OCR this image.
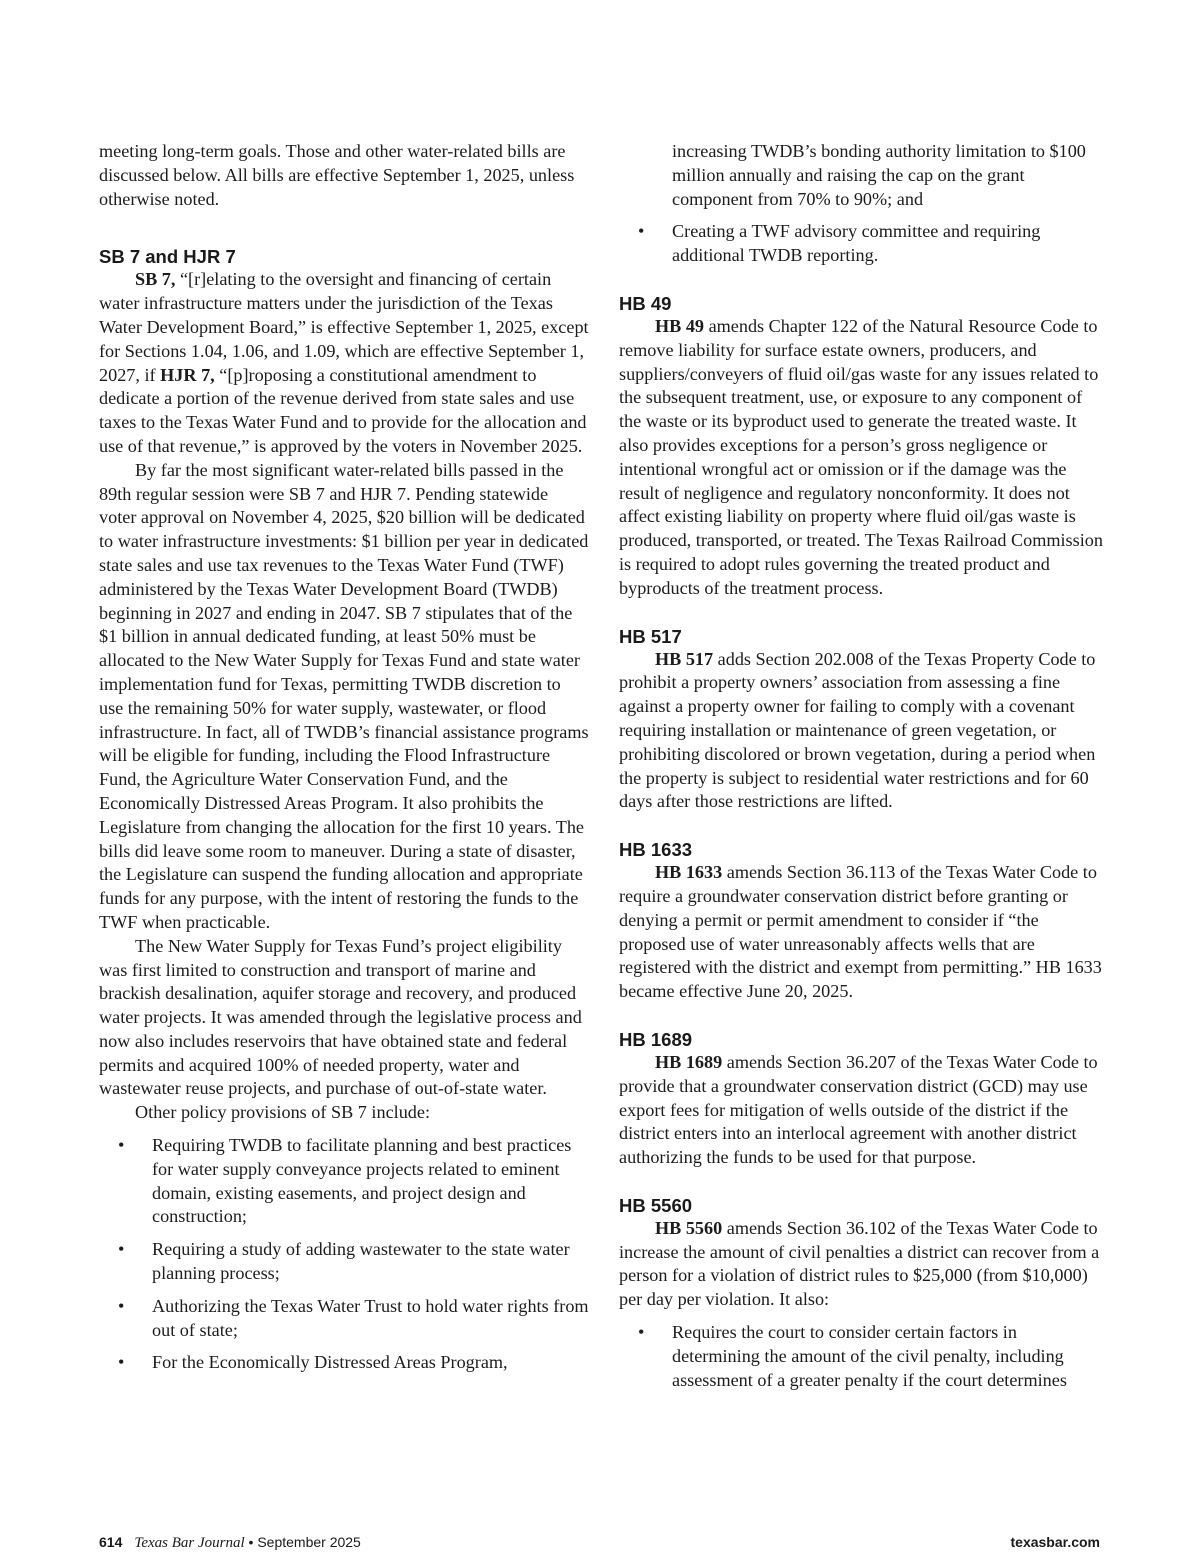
meeting long-term goals. Those and other water-related bills are discussed below. All bills are effective September 1, 2025, unless otherwise noted.

SB 7 and HJR 7

SB 7, “[r]elating to the oversight and financing of certain water infrastructure matters under the jurisdiction of the Texas Water Development Board,” is effective September 1, 2025, except for Sections 1.04, 1.06, and 1.09, which are effective September 1, 2027, if HJR 7, “[p]roposing a constitutional amendment to dedicate a portion of the revenue derived from state sales and use taxes to the Texas Water Fund and to provide for the allocation and use of that revenue,” is approved by the voters in November 2025.

By far the most significant water-related bills passed in the 89th regular session were SB 7 and HJR 7. Pending statewide voter approval on November 4, 2025, $20 billion will be dedicated to water infrastructure investments: $1 billion per year in dedicated state sales and use tax revenues to the Texas Water Fund (TWF) administered by the Texas Water Development Board (TWDB) beginning in 2027 and ending in 2047. SB 7 stipulates that of the $1 billion in annual dedicated funding, at least 50% must be allocated to the New Water Supply for Texas Fund and state water implementation fund for Texas, permitting TWDB discretion to use the remaining 50% for water supply, wastewater, or flood infrastructure. In fact, all of TWDB’s financial assistance programs will be eligible for funding, including the Flood Infrastructure Fund, the Agriculture Water Conservation Fund, and the Economically Distressed Areas Program. It also prohibits the Legislature from changing the allocation for the first 10 years. The bills did leave some room to maneuver. During a state of disaster, the Legislature can suspend the funding allocation and appropriate funds for any purpose, with the intent of restoring the funds to the TWF when practicable.

The New Water Supply for Texas Fund’s project eligibility was first limited to construction and transport of marine and brackish desalination, aquifer storage and recovery, and produced water projects. It was amended through the legislative process and now also includes reservoirs that have obtained state and federal permits and acquired 100% of needed property, water and wastewater reuse projects, and purchase of out-of-state water.

Other policy provisions of SB 7 include:

• Requiring TWDB to facilitate planning and best practices for water supply conveyance projects related to eminent domain, existing easements, and project design and construction;
• Requiring a study of adding wastewater to the state water planning process;
• Authorizing the Texas Water Trust to hold water rights from out of state;
• For the Economically Distressed Areas Program,

increasing TWDB’s bonding authority limitation to $100 million annually and raising the cap on the grant component from 70% to 90%; and

• Creating a TWF advisory committee and requiring additional TWDB reporting.
HB 49

HB 49 amends Chapter 122 of the Natural Resource Code to remove liability for surface estate owners, producers, and suppliers/conveyers of fluid oil/gas waste for any issues related to the subsequent treatment, use, or exposure to any component of the waste or its byproduct used to generate the treated waste. It also provides exceptions for a person’s gross negligence or intentional wrongful act or omission or if the damage was the result of negligence and regulatory nonconformity. It does not affect existing liability on property where fluid oil/gas waste is produced, transported, or treated. The Texas Railroad Commission is required to adopt rules governing the treated product and byproducts of the treatment process.

HB 517

HB 517 adds Section 202.008 of the Texas Property Code to prohibit a property owners’ association from assessing a fine against a property owner for failing to comply with a covenant requiring installation or maintenance of green vegetation, or prohibiting discolored or brown vegetation, during a period when the property is subject to residential water restrictions and for 60 days after those restrictions are lifted.

HB 1633

HB 1633 amends Section 36.113 of the Texas Water Code to require a groundwater conservation district before granting or denying a permit or permit amendment to consider if “the proposed use of water unreasonably affects wells that are registered with the district and exempt from permitting.” HB 1633 became effective June 20, 2025.

HB 1689

HB 1689 amends Section 36.207 of the Texas Water Code to provide that a groundwater conservation district (GCD) may use export fees for mitigation of wells outside of the district if the district enters into an interlocal agreement with another district authorizing the funds to be used for that purpose.

HB 5560

HB 5560 amends Section 36.102 of the Texas Water Code to increase the amount of civil penalties a district can recover from a person for a violation of district rules to $25,000 (from $10,000) per day per violation. It also:

• Requires the court to consider certain factors in determining the amount of the civil penalty, including assessment of a greater penalty if the court determines
614 Texas Bar Journal • September 2025	texasbar.com
